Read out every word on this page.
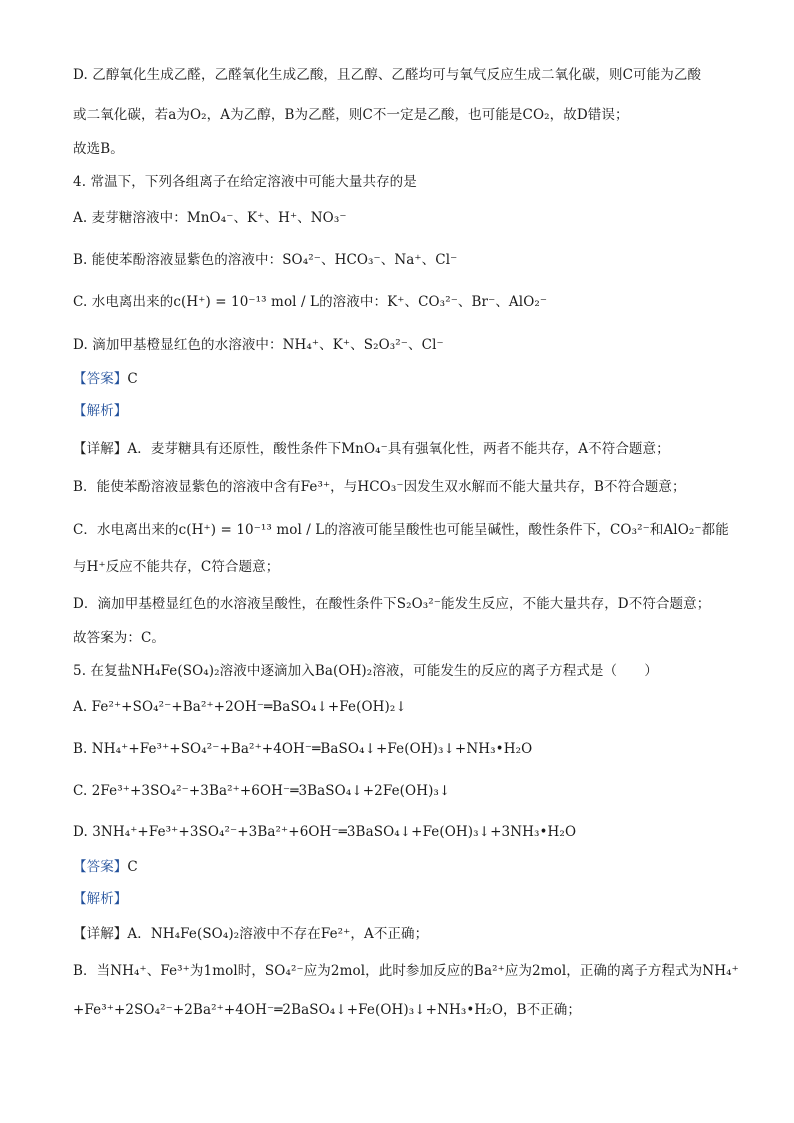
D. 乙醇氧化生成乙醛，乙醛氧化生成乙酸，且乙醇、乙醛均可与氧气反应生成二氧化碳，则C可能为乙酸
或二氧化碳，若a为O₂，A为乙醇，B为乙醛，则C不一定是乙酸，也可能是CO₂，故D错误；
故选B。
4. 常温下，下列各组离子在给定溶液中可能大量共存的是
A. 麦芽糖溶液中：MnO₄⁻、K⁺、H⁺、NO₃⁻
B. 能使苯酚溶液显紫色的溶液中：SO₄²⁻、HCO₃⁻、Na⁺、Cl⁻
C. 水电离出来的c(H⁺) = 10⁻¹³ mol / L的溶液中：K⁺、CO₃²⁻、Br⁻、AlO₂⁻
D. 滴加甲基橙显红色的水溶液中：NH₄⁺、K⁺、S₂O₃²⁻、Cl⁻
【答案】C
【解析】
【详解】A．麦芽糖具有还原性，酸性条件下MnO₄⁻具有强氧化性，两者不能共存，A不符合题意；
B．能使苯酚溶液显紫色的溶液中含有Fe³⁺，与HCO₃⁻因发生双水解而不能大量共存，B不符合题意；
C．水电离出来的c(H⁺) = 10⁻¹³ mol / L的溶液可能呈酸性也可能呈碱性，酸性条件下，CO₃²⁻和AlO₂⁻都能
与H⁺反应不能共存，C符合题意；
D．滴加甲基橙显红色的水溶液呈酸性，在酸性条件下S₂O₃²⁻能发生反应，不能大量共存，D不符合题意；
故答案为：C。
5. 在复盐NH₄Fe(SO₄)₂溶液中逐滴加入Ba(OH)₂溶液，可能发生的反应的离子方程式是（　　）
A. Fe²⁺+SO₄²⁻+Ba²⁺+2OH⁻═BaSO₄↓+Fe(OH)₂↓
B. NH₄⁺+Fe³⁺+SO₄²⁻+Ba²⁺+4OH⁻═BaSO₄↓+Fe(OH)₃↓+NH₃•H₂O
C. 2Fe³⁺+3SO₄²⁻+3Ba²⁺+6OH⁻═3BaSO₄↓+2Fe(OH)₃↓
D. 3NH₄⁺+Fe³⁺+3SO₄²⁻+3Ba²⁺+6OH⁻═3BaSO₄↓+Fe(OH)₃↓+3NH₃•H₂O
【答案】C
【解析】
【详解】A．NH₄Fe(SO₄)₂溶液中不存在Fe²⁺，A不正确；
B．当NH₄⁺、Fe³⁺为1mol时，SO₄²⁻应为2mol，此时参加反应的Ba²⁺应为2mol，正确的离子方程式为NH₄⁺
+Fe³⁺+2SO₄²⁻+2Ba²⁺+4OH⁻═2BaSO₄↓+Fe(OH)₃↓+NH₃•H₂O，B不正确；
